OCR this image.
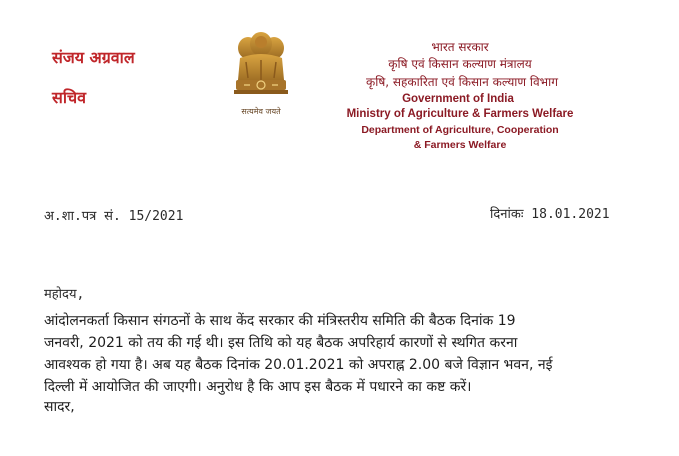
संजय अग्रवाल
सचिव
सत्यमेव जयते
भारत सरकार
कृषि एवं किसान कल्याण मंत्रालय
कृषि, सहकारिता एवं किसान कल्याण विभाग
Government of India
Ministry of Agriculture & Farmers Welfare
Department of Agriculture, Cooperation
& Farmers Welfare
अ.शा.पत्र सं. 15/2021	दिनांकः 18.01.2021
महोदय,
आंदोलनकर्ता किसान संगठनों के साथ केंद सरकार की मंत्रिस्तरीय समिति की बैठक दिनांक 19
जनवरी, 2021 को तय की गई थी। इस तिथि को यह बैठक अपरिहार्य कारणों से स्थगित करना
आवश्यक हो गया है। अब यह बैठक दिनांक 20.01.2021 को अपराह्न 2.00 बजे विज्ञान भवन, नई
दिल्ली में आयोजित की जाएगी। अनुरोध है कि आप इस बैठक में पधारने का कष्ट करें।
सादर,
